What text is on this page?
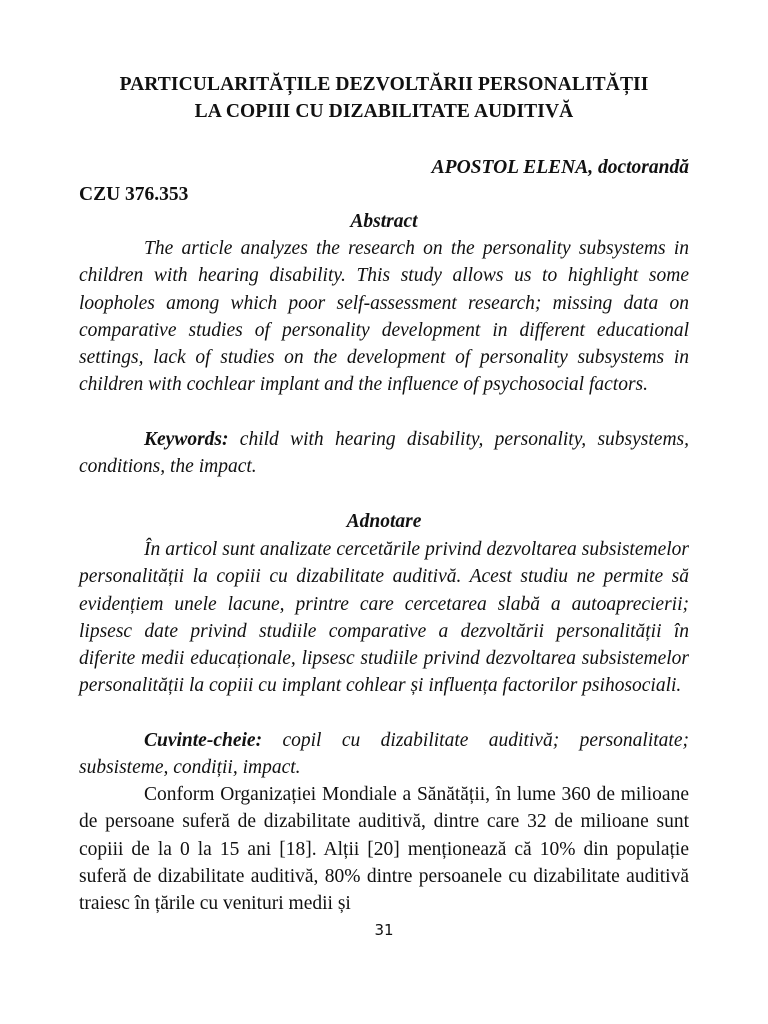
PARTICULARITĂȚILE DEZVOLTĂRII PERSONALITĂȚII
LA COPIII CU DIZABILITATE AUDITIVĂ
APOSTOL ELENA, doctorandă
CZU 376.353
Abstract
The article analyzes the research on the personality subsystems in children with hearing disability. This study allows us to highlight some loopholes among which poor self-assessment research; missing data on comparative studies of personality development in different educational settings, lack of studies on the development of personality subsystems in children with cochlear implant and the influence of psychosocial factors.
Keywords: child with hearing disability, personality, subsystems, conditions, the impact.
Adnotare
În articol sunt analizate cercetările privind dezvoltarea subsistemelor personalității la copiii cu dizabilitate auditivă. Acest studiu ne permite să evidențiem unele lacune, printre care cercetarea slabă a autoaprecierii; lipsesc date privind studiile comparative a dezvoltării personalității în diferite medii educaționale, lipsesc studiile privind dezvoltarea subsistemelor personalității la copiii cu implant cohlear și influența factorilor psihosociali.
Cuvinte-cheie: copil cu dizabilitate auditivă; personalitate; subsisteme, condiții, impact.
Conform Organizației Mondiale a Sănătății, în lume 360 de milioane de persoane suferă de dizabilitate auditivă, dintre care 32 de milioane sunt copiii de la 0 la 15 ani [18]. Alții [20] menționează că 10% din populație suferă de dizabilitate auditivă, 80% dintre persoanele cu dizabilitate auditivă traiesc în țările cu venituri medii și
31
